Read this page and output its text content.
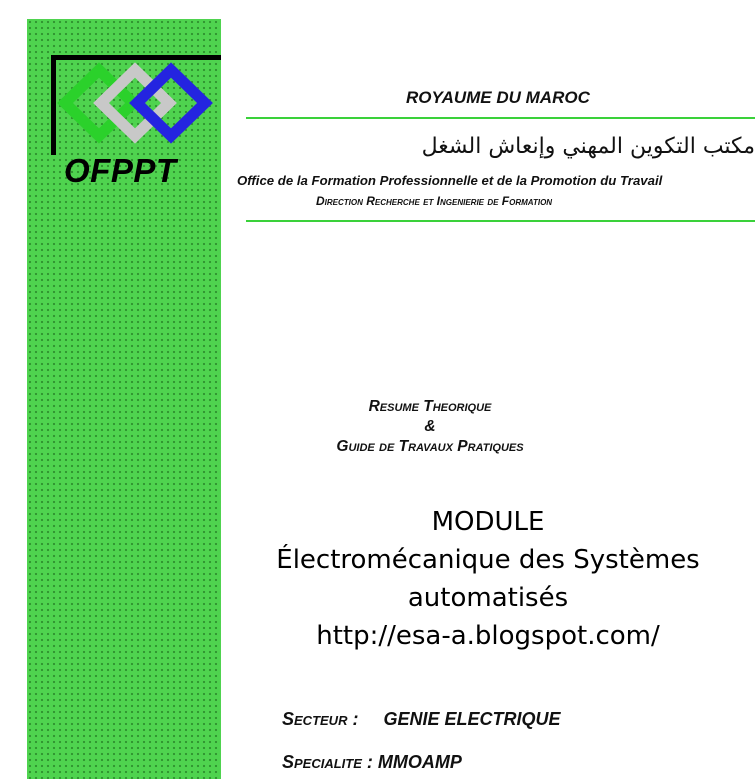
OFPPT
ROYAUME DU MAROC
مكتب التكوين المهني وإنعاش الشغل
Office de la Formation Professionnelle et de la Promotion du Travail
Direction Recherche et Ingenierie de Formation
Resume Theorique
&
Guide de Travaux Pratiques
MODULE
Électromécanique des Systèmes
automatisés
http://esa-a.blogspot.com/
Secteur : GENIE ELECTRIQUE
Specialite : MMOAMP
